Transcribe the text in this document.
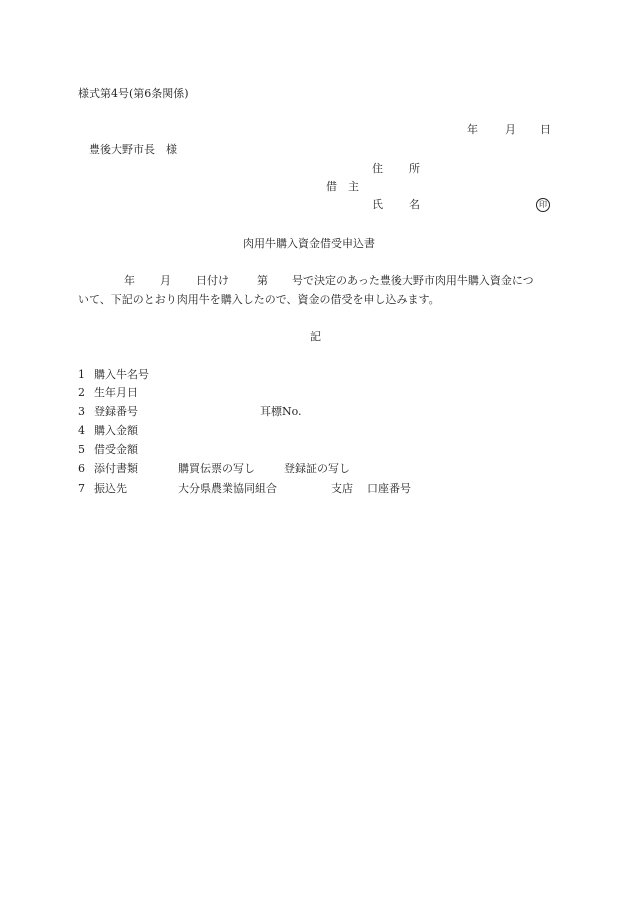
様式第4号(第6条関係)
年 月 日
豊後大野市長　様
住 所
借 主
氏 名	印
肉用牛購入資金借受申込書
年 月 日付け	第 号で決定のあった豊後大野市肉用牛購入資金につ
いて、下記のとおり肉用牛を購入したので、資金の借受を申し込みます。
記
1 購入牛名号
2 生年月日
3 登録番号	耳標No.
4 購入金額
5 借受金額
6 添付書類	購買伝票の写し	登録証の写し
7 振込先	大分県農業協同組合	支店 口座番号
